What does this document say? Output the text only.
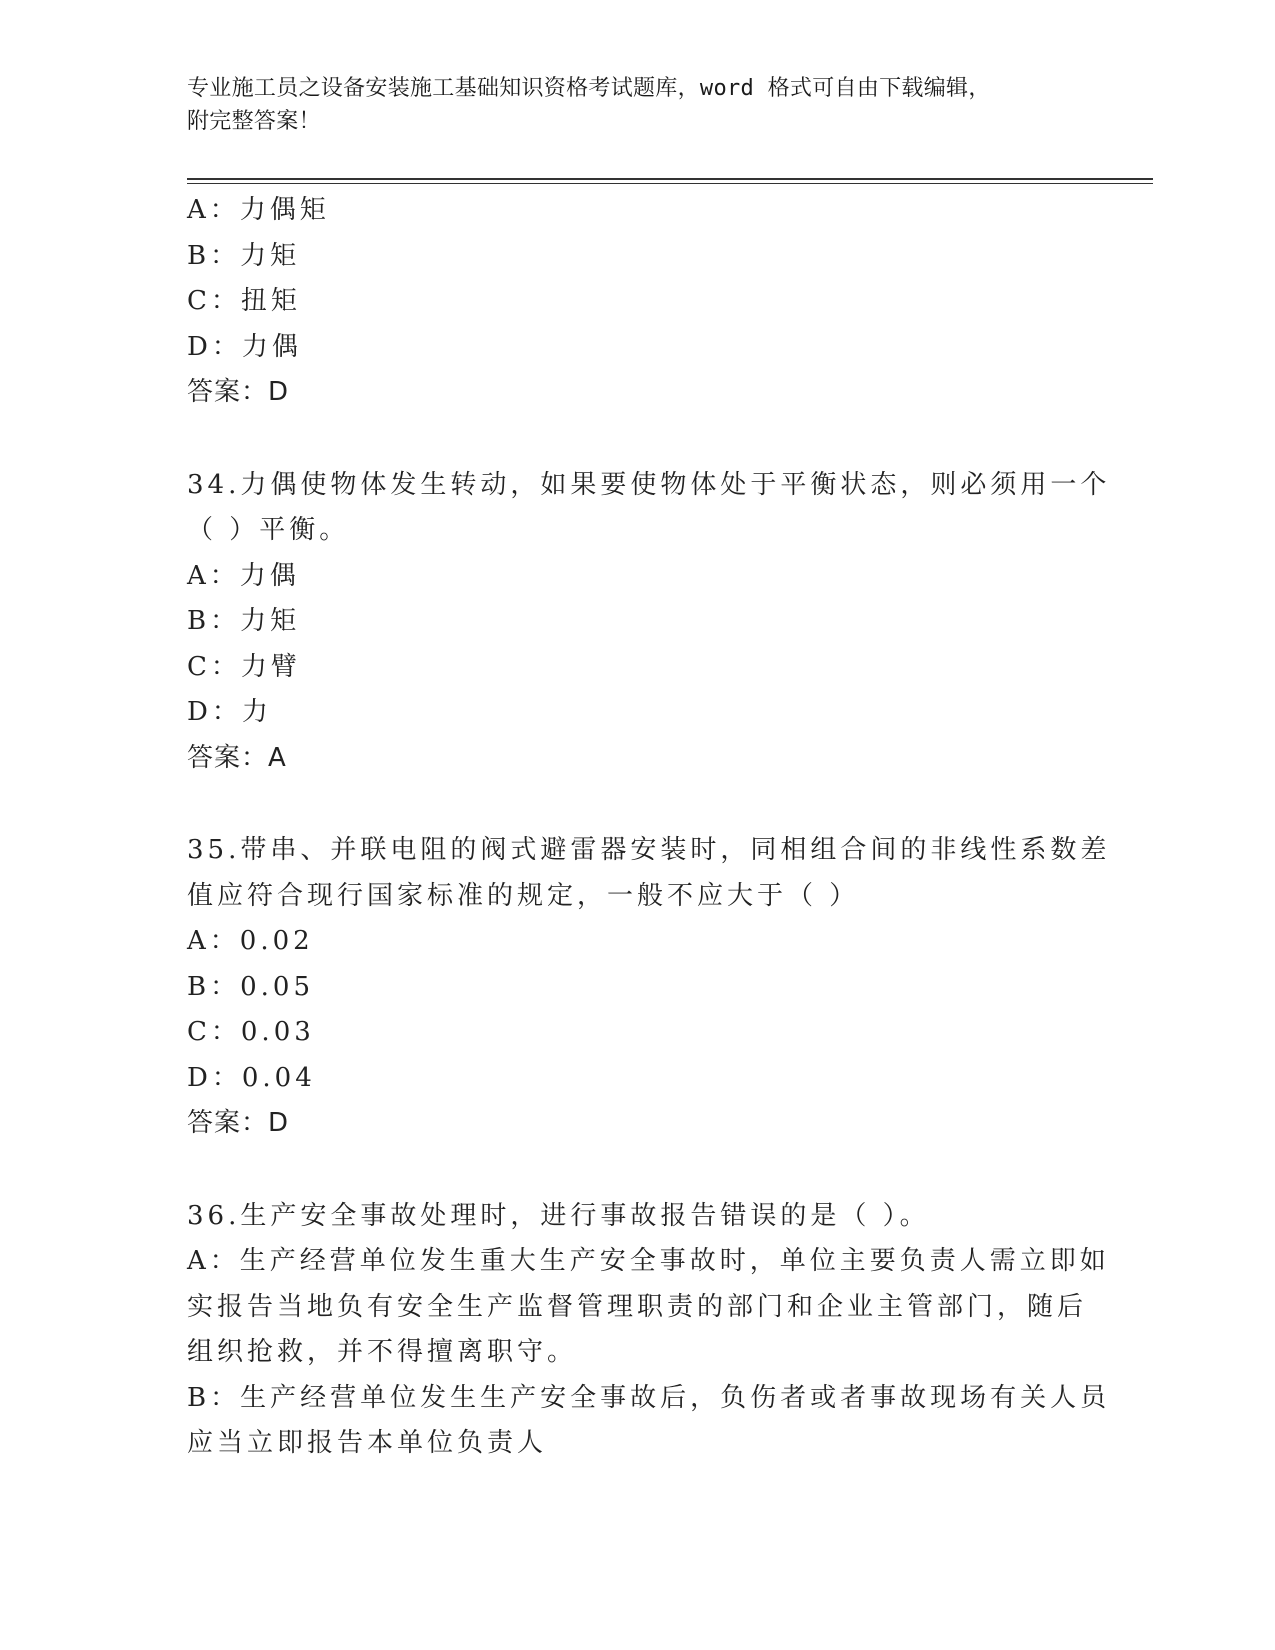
专业施工员之设备安装施工基础知识资格考试题库，word 格式可自由下载编辑，
附完整答案！
A：力偶矩
B：力矩
C：扭矩
D：力偶
答案：D
34.力偶使物体发生转动，如果要使物体处于平衡状态，则必须用一个
（ ）平衡。
A：力偶
B：力矩
C：力臂
D：力
答案：A
35.带串、并联电阻的阀式避雷器安装时，同相组合间的非线性系数差
值应符合现行国家标准的规定，一般不应大于（ ）
A：0.02
B：0.05
C：0.03
D：0.04
答案：D
36.生产安全事故处理时，进行事故报告错误的是（ ）。
A：生产经营单位发生重大生产安全事故时，单位主要负责人需立即如
实报告当地负有安全生产监督管理职责的部门和企业主管部门，随后
组织抢救，并不得擅离职守。
B：生产经营单位发生生产安全事故后，负伤者或者事故现场有关人员
应当立即报告本单位负责人
